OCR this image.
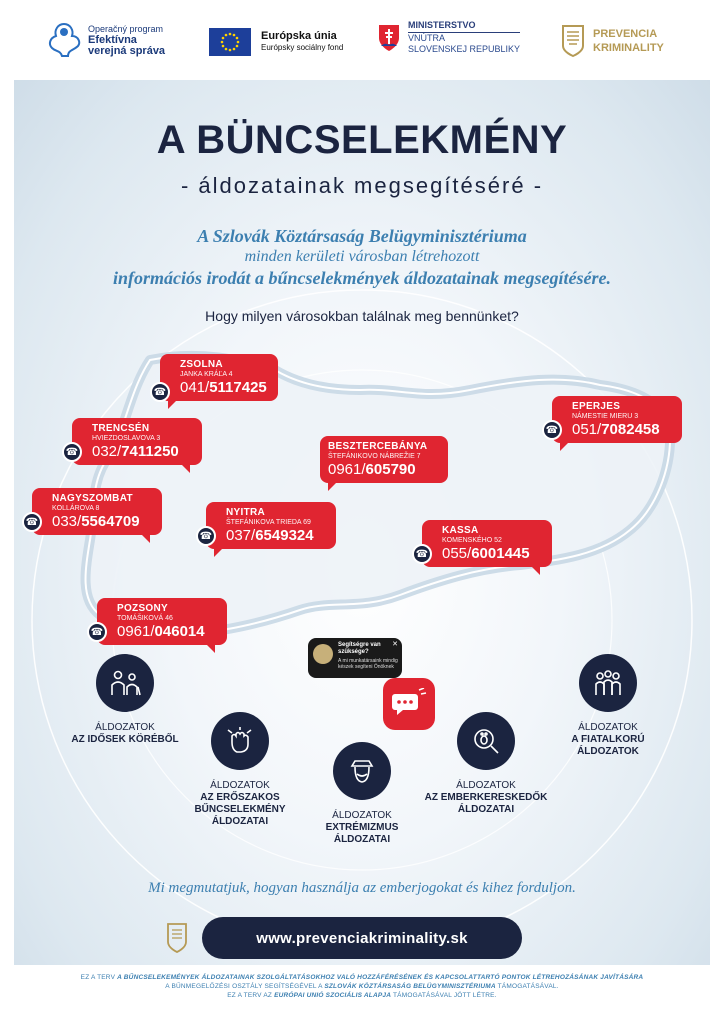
Operačný program
Efektívna
verejná správa
Európska únia
Európsky sociálny fond
MINISTERSTVO
VNÚTRA
SLOVENSKEJ REPUBLIKY
PREVENCIA
KRIMINALITY
A BÜNCSELEKMÉNY
- áldozatainak megsegítéséré -
A Szlovák Köztársaság Belügyminisztériuma
minden kerületi városban létrehozott
információs irodát a bűncselekmények áldozatainak megsegítésére.
Hogy milyen városokban találnak meg bennünket?
☎
ZSOLNA
JANKA KRÁĽA 4
041/5117425
☎
TRENCSÉN
HVIEZDOSLAVOVA 3
032/7411250
☎
NAGYSZOMBAT
KOLLÁROVA 8
033/5564709
☎
NYITRA
ŠTEFÁNIKOVA TRIEDA 69
037/6549324
☎
POZSONY
TOMÁŠIKOVÁ 46
0961/046014
BESZTERCEBÁNYA
ŠTEFÁNIKOVO NÁBREŽIE 7
0961/605790
☎
KASSA
KOMENSKÉHO 52
055/6001445
☎
EPERJES
NÁMESTIE MIERU 3
051/7082458
✕
Segítségre van szüksége?
A mi munkatársaink mindig készek segíteni Önöknek
ÁLDOZATOK
AZ IDŐSEK KÖRÉBŐL
ÁLDOZATOK
AZ ERŐSZAKOS
BŰNCSELEKMÉNY
ÁLDOZATAI
ÁLDOZATOK
EXTRÉMIZMUS
ÁLDOZATAI
ÁLDOZATOK
AZ EMBERKERESKEDŐK
ÁLDOZATAI
ÁLDOZATOK
A FIATALKORÚ
ÁLDOZATOK
Mi megmutatjuk, hogyan használja az emberjogokat és kihez forduljon.
www.prevenciakriminality.sk
EZ A TERV A BŰNCSELEKEMÉNYEK ÁLDOZATAINAK SZOLGÁLTATÁSOKHOZ VALÓ HOZZÁFÉRÉSÉNEK ÉS KAPCSOLATTARTÓ PONTOK LÉTREHOZÁSÁNAK JAVÍTÁSÁRA
A BŰNMEGELŐZÉSI OSZTÁLY SEGÍTSÉGÉVEL A SZLOVÁK KÖZTÁRSASÁG BELÜGYMINISZTÉRIUMA TÁMOGATÁSÁVAL.
EZ A TERV AZ EURÓPAI UNIÓ SZOCIÁLIS ALAPJA TÁMOGATÁSÁVAL JÖTT LÉTRE.
